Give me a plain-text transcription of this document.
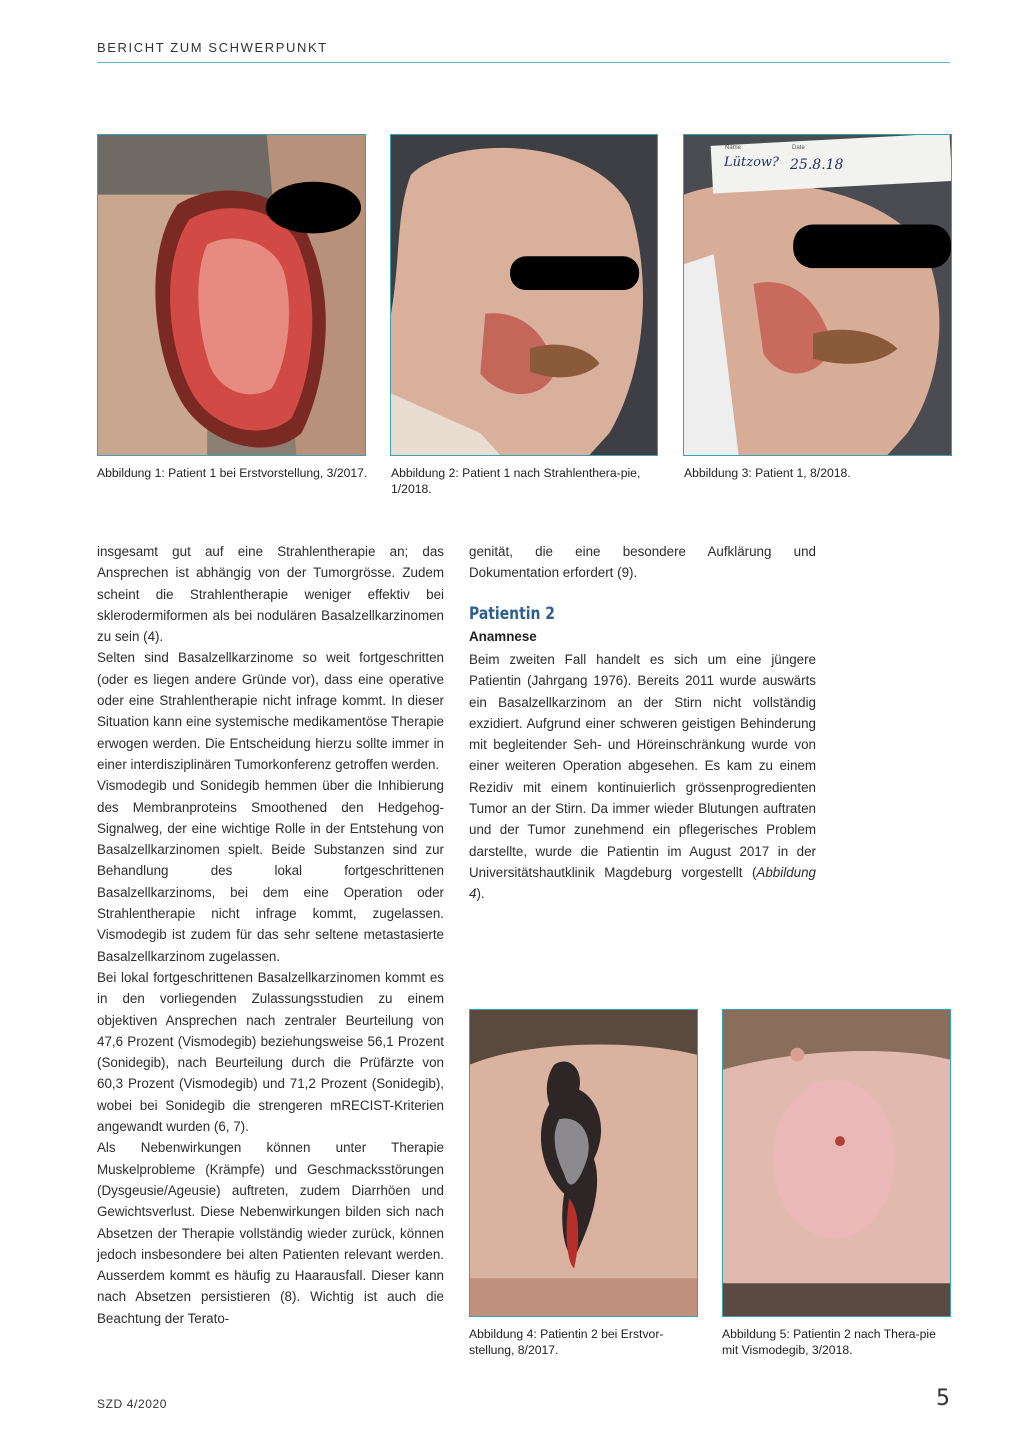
BERICHT ZUM SCHWERPUNKT
Abbildung 1: Patient 1 bei Erstvorstellung, 3/2017. Abbildung 2: Patient 1 nach Strahlenthera-pie, 1/2018.
Name	Date
Lützow? 25.8.18
Abbildung 3: Patient 1, 8/2018.

insgesamt gut auf eine Strahlentherapie an; das Ansprechen ist abhängig von der Tumorgrösse. Zudem scheint die Strahlentherapie weniger effektiv bei sklerodermiformen als bei nodulären Basalzellkarzinomen zu sein (4).

Selten sind Basalzellkarzinome so weit fortgeschritten (oder es liegen andere Gründe vor), dass eine operative oder eine Strahlentherapie nicht infrage kommt. In dieser Situation kann eine systemische medikamentöse Therapie erwogen werden. Die Entscheidung hierzu sollte immer in einer interdisziplinären Tumorkonferenz getroffen werden.

Vismodegib und Sonidegib hemmen über die Inhibierung des Membranproteins Smoothened den Hedgehog-Signalweg, der eine wichtige Rolle in der Entstehung von Basalzellkarzinomen spielt. Beide Substanzen sind zur Behandlung des lokal fortgeschrittenen Basalzellkarzinoms, bei dem eine Operation oder Strahlentherapie nicht infrage kommt, zugelassen. Vismodegib ist zudem für das sehr seltene metastasierte Basalzellkarzinom zugelassen.

Bei lokal fortgeschrittenen Basalzellkarzinomen kommt es in den vorliegenden Zulassungsstudien zu einem objektiven Ansprechen nach zentraler Beurteilung von 47,6 Prozent (Vismodegib) beziehungsweise 56,1 Prozent (Sonidegib), nach Beurteilung durch die Prüfärzte von 60,3 Prozent (Vismodegib) und 71,2 Prozent (Sonidegib), wobei bei Sonidegib die strengeren mRECIST-Kriterien angewandt wurden (6, 7).

Als Nebenwirkungen können unter Therapie Muskelprobleme (Krämpfe) und Geschmacksstörungen (Dysgeusie/Ageusie) auftreten, zudem Diarrhöen und Gewichtsverlust. Diese Nebenwirkungen bilden sich nach Absetzen der Therapie vollständig wieder zurück, können jedoch insbesondere bei alten Patienten relevant werden. Ausserdem kommt es häufig zu Haarausfall. Dieser kann nach Absetzen persistieren (8). Wichtig ist auch die Beachtung der Terato-

genität, die eine besondere Aufklärung und Dokumentation erfordert (9).

Patientin 2
Anamnese

Beim zweiten Fall handelt es sich um eine jüngere Patientin (Jahrgang 1976). Bereits 2011 wurde auswärts ein Basalzellkarzinom an der Stirn nicht vollständig exzidiert. Aufgrund einer schweren geistigen Behinderung mit begleitender Seh- und Höreinschränkung wurde von einer weiteren Operation abgesehen. Es kam zu einem Rezidiv mit einem kontinuierlich grössenprogredienten Tumor an der Stirn. Da immer wieder Blutungen auftraten und der Tumor zunehmend ein pflegerisches Problem darstellte, wurde die Patientin im August 2017 in der Universitätshautklinik Magdeburg vorgestellt (Abbildung 4).

Abbildung 4: Patientin 2 bei Erstvor-stellung, 8/2017.
Abbildung 5: Patientin 2 nach Thera-pie mit Vismodegib, 3/2018.
SZD 4/2020	5
